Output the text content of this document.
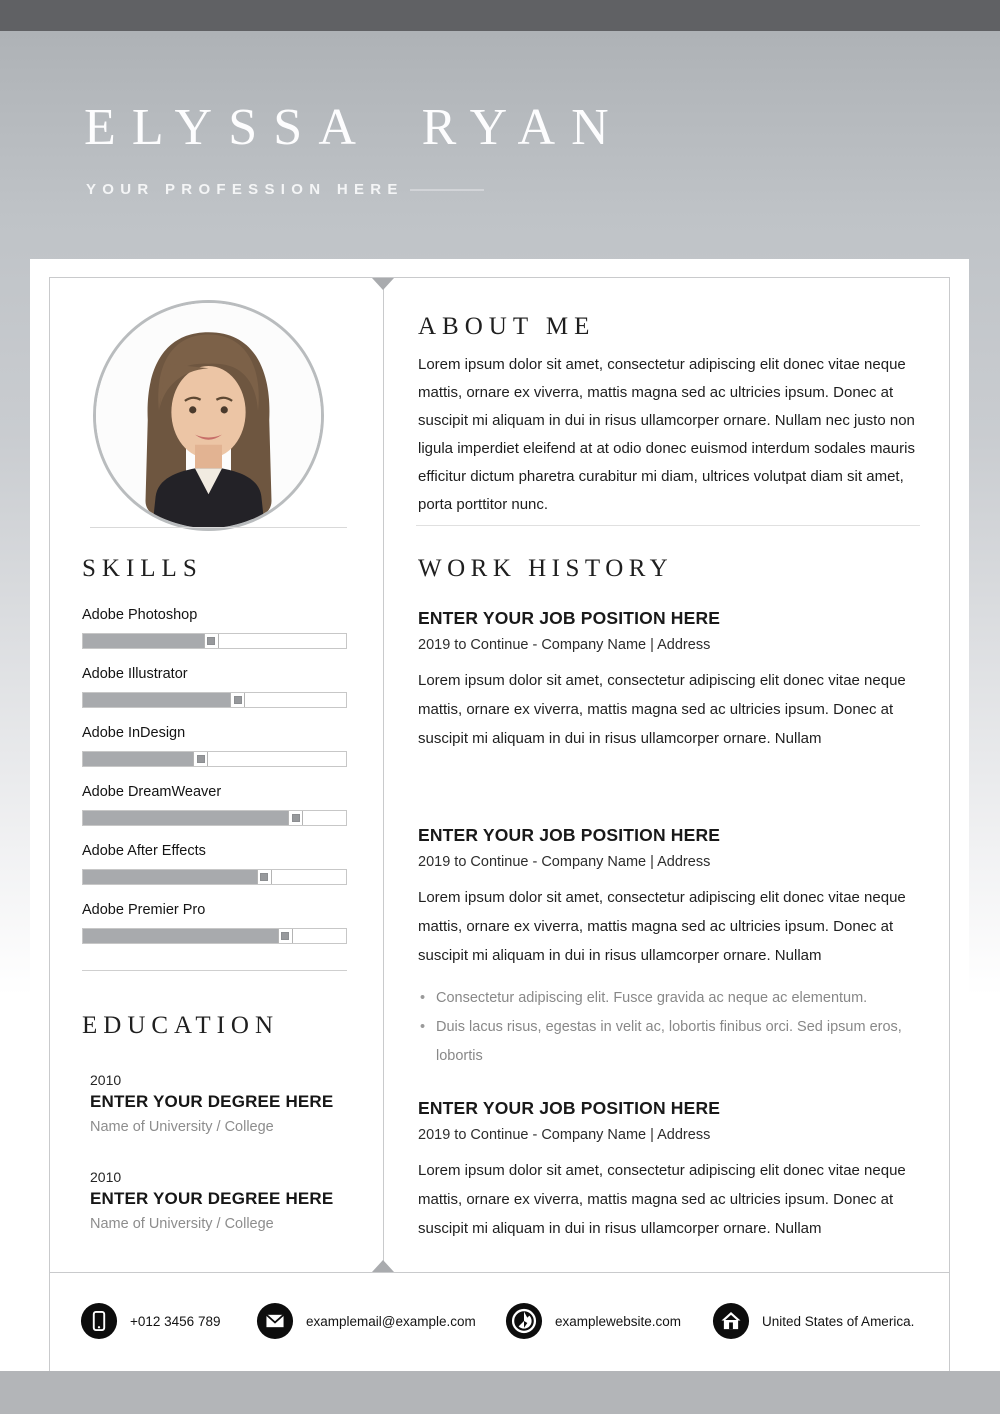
ELYSSA RYAN
YOUR PROFESSION HERE
SKILLS
Adobe Photoshop
Adobe Illustrator
Adobe InDesign
Adobe DreamWeaver
Adobe After Effects
Adobe Premier Pro
EDUCATION
2010
ENTER YOUR DEGREE HERE
Name of University / College
2010
ENTER YOUR DEGREE HERE
Name of University / College
ABOUT ME
Lorem ipsum dolor sit amet, consectetur adipiscing elit donec vitae neque mattis, ornare ex viverra, mattis magna sed ac ultricies ipsum. Donec at suscipit mi aliquam in dui in risus ullamcorper ornare. Nullam nec justo non ligula imperdiet eleifend at at odio donec euismod interdum sodales mauris efficitur dictum pharetra curabitur mi diam, ultrices volutpat diam sit amet, porta porttitor nunc.
WORK HISTORY
ENTER YOUR JOB POSITION HERE
2019 to Continue - Company Name | Address
Lorem ipsum dolor sit amet, consectetur adipiscing elit donec vitae neque mattis, ornare ex viverra, mattis magna sed ac ultricies ipsum. Donec at suscipit mi aliquam in dui in risus ullamcorper ornare. Nullam
ENTER YOUR JOB POSITION HERE
2019 to Continue - Company Name | Address
Lorem ipsum dolor sit amet, consectetur adipiscing elit donec vitae neque mattis, ornare ex viverra, mattis magna sed ac ultricies ipsum. Donec at suscipit mi aliquam in dui in risus ullamcorper ornare. Nullam
• Consectetur adipiscing elit. Fusce gravida ac neque ac elementum.
• Duis lacus risus, egestas in velit ac, lobortis finibus orci. Sed ipsum eros, lobortis
ENTER YOUR JOB POSITION HERE
2019 to Continue - Company Name | Address
Lorem ipsum dolor sit amet, consectetur adipiscing elit donec vitae neque mattis, ornare ex viverra, mattis magna sed ac ultricies ipsum. Donec at suscipit mi aliquam in dui in risus ullamcorper ornare. Nullam
+012 3456 789	examplemail@example.com	examplewebsite.com	United States of America.
